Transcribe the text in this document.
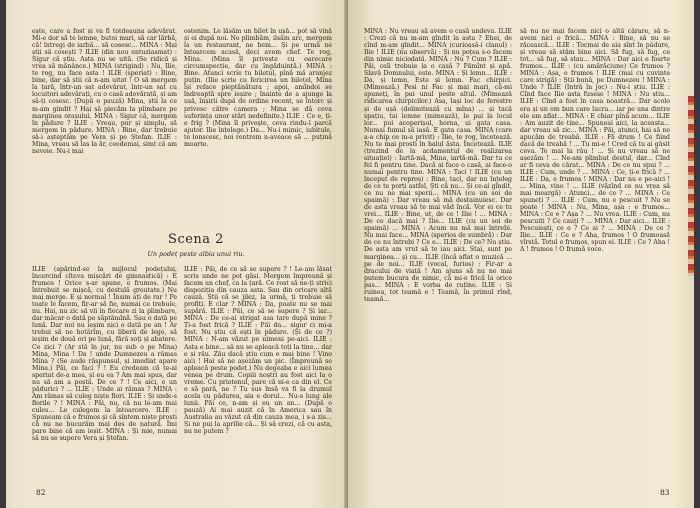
ește, care a fost și va fi totdeauna adevărat. Mi-e dor să te lemne, butoi mari, să car lărbă, că! întregi de iarbă... să cosesc... MINA : Mai știi să cosești ? ILIE (din nou entuziasmat) : Sigur că știu. Asta nu se uită. (Se ridică și vrea să mănânce.) MINA (strigind) : Nu, Ilie, te rog, nu face asta ! ILIE (speriat) : Bine, bine, dar să știi că n-am uitat ! O să mergem la țară, într-un sat adevărat, într-un sat cu locuitori adevărați, cu o casă adevărată, și am să-ți cosesc. (După o pauză) Mina, știi la ce m-am gindit ? Hai să plecăm la plimbare pe marginea orașului. MINA : Sigur că, mergem în pădure ? ILIE : Vreau, pur și simplu, să mergem în pădure. MINA : Bine, dar trebuie să-i așteptăm pe Vera și pe Ștefan. ILIE : Mina, vreau să las la ăr, ceedemai, simt că am nevoie. Nu-i mai

ostenim. Le lăsăm un bilet în ușă... pot să vină și ei după noi. Ne plimbăm, ilsăm arc, mergem la un restaurant, ne bem... Și pe urmă ne întoarcem acasă, deci avem chef. Te rog, Mina. (Mina îl privește cu oarecare circumspecție, dar cu îngăduință.) MINA : Bine. Atunci scrie tu biletul, pînă mă aranjez puțin. (Ilie scrie cu fericirea un bilețel, Mina își reface pieptănătura ; apoi, amîndoi se îndreaptă spre ieșire ; înainte de a ajunge la ușă, înșirii după de ordine recent, se întorc și privesc către camera ; Mina se dă ceva suferința unor stări nedefinite.) ILIE : Ce e, ți-e frig ? (Mina îl privește, ceva rindu-l parcă ajutor. Ilie înțelege.) Da... Nu-i mimic, iubitule, te lonscesc, noi rentrem n-aveace să ... puțină moarte.

Scena 2
Un podeț peste albia unui riu.

ILIE (apărind-se la mijlocul podețului, încercind cîteva mișcări de gimnastică) : E frumos ! Orice s-ar spune, e frumos. (Mai întrebuit se mișcă, cu destulă greutate.) Nu mai merge. E și normal ! Însim ați de rar ! Pe toate le facem, fir-ar să fie, numai ce trebuie, nu. Hai, nu zic să vii în fiecare zi la plimbare, dar măcar o dată pe săptămînă. Sau o dată pe lună. Dar noi nu ieșim nici o dată pe an ! Ar trebui să ne hotărîm, cu liberă de lege, să ieșim de două ori pe lună, fără soți și abatere. Ce zici ? (Ar stă în jur, nu sub o pe Mina) Mina, Mina ! Da ! unde Dumnezeu a rămas Mina ? (Se aude răspunsul, și imediat apare Mina.) Păi, ce faci ? ! Eu credeam că te-ai speriat de-a mea, și eu ea ? Am mai spus, dar nu să am a poștă. De ce ? ! Ce aici, e un pădurici ? ... ILIE : Unde ai rămas ? MINA : Am rămas să culeg niște flori. ILIE : Și unde-s florile ? ! MINA : Păi, nu, că nu le-am mai cules... Le culegem la întoarcere. ILIE : Spuneam că e frumos și că sîntem niște proști că nu ne bucurăm mai des de natură. Îmi pare bine că am ieșit. MINA : Și mie, numai să nu se supere Vera și Ștefan.

ILIE : Păi, de ce să se supere ? ! Le-am lăsat scris unde ne pot găsi. Mergem împreună și facem un chef, ca la țară. Ce rost să ne-ți strici dispoziția din cauza asta. Sau din oricare altă cauză. Știi că se jilez, la urmă, ți trebuie să profiți. E clar ? MINA : Da, poate nu se mai supără. ILIE : Păi, ce să se supere ? Și iar... MINA : De ce-ai strigat asa tare după mine ? Ți-a fost frică ? ILIE : Păi da... sigur ci mi-a fost. Nu știu că ești în pădure. (Și de ce ?) MINA : N-am văzut pe nimeni pe-aici. ILIE : Asta e bine... să nu se apleacă toți la tine... dar e și rău. Zău dacă știu cum e mai bine ! Vino aici ! Hai să ne așezăm un pic. (Împreună se apleacă peste podeț.) Nu degeaba e aici lumea venea pe drum. Copiii noștri au fost aici la o vreme. Cu prietenul, pare că ni-e ca din el. Ce o să pară, ne ? Tu sus însă va fi la drumul acela cu pădurea, aia e dorul... Nu-s lung ale lunii. Păi ce, n-am și eu un an... (După o pauză) Ai mai auzit că în America sau în Australia au văzut că din cauza mea, i s-a zis... Și ne pui la aprilie că... Și să crezi, că cu asta, nu ne putem ?

82

MINA : Nu vreau să avem o casă undeva. ILIE : Crezi că nu m-am gîndit la asta ? Ehei, de cînd m-am gîndit... MINA (curioasă-i clanul) : Ilie ! ILIE (nu observă) : Și nu poțea s-o facem din nimic niciodată. MINA : Nu ? Cum ? ILIE : Păi, ceîi trebuie la o casă ? Pămînt și apă. Slavă Domnului, este. MINA : Și lemn... ILIE : Da, și lemn, Este și lemn. Fac chirpici. (Mimează.) Pesi ni Fac și mai mari, că-mi spuneți, în pui unul peste altul. (Mimează ridicarea chirpicilor.) Asa, lași loc de ferestre și de ușă (delimitează cu mîna) ... și tacă spațiu, tai lemne (mimează), le pui la locul lor... pui acoperișul, horna, ui gata casa. Numai fumul să iasă. E gata casa. MINA (care a-a chip ce m-a privit) : Ilie, te rog, încetează. Nu te mai prosti în halul ăsta. Încetează. ILIE (trezind de la acdamentul de realizarea situației) : Iartă-mă, Mina, iartă-mă. Dar tu ce fel fi pentru tine. Dacă ai face o casă, ai face-o numai pentru tine. MINA : Taci ! ILIE (cu un început de reproș) : Bine, taci, dar nu înțeleg de ce te porți astfel, Ști că nu... Și ce-ai gîndit, ce nu ne mai sperii... MINA (cu un soi de spaimă) : Dar vreau să mă destainuiesc. Dar de asta vreau să te mai văd încă. Vor ei ce tu vrei... ILIE : Bine, ut, de ce ! Ilie ! ... MINA : De ce dacă mai ? Ilie... ILIE (cu un soi de spaimă) ... MINA : Acum nu mă mai întrebi. Nu mai face... MINA (sperios de sumbră) : Dar de ce nu întrebi ? Ce e... ILIE : De ce? Nu știu. De asta am vrut să te iau aici. Stai, sunt pe marginea... și cu... ILIE (încă aflat o muzică ... pe de noi... ILIE (vocal, furios) : Fir-ar a dracului de viață ! Am ajuns să nu ne mai putem bucura de nimic, că mi-e frică la orice pas... MINA : E vorba de ruține. ILIE : Și ruinea, tot teamă e ! Teamă, în primul rînd, teamă...

să nu ne mai facem nici o altă cărare, să n-avem nici o frică... MINA : Bine, să nu se răcească... ILIE : Tocmai de aia sînt în pădure, și vreau să stăm bine aici. Să fug, să fug, ce tot... să fug, să stau... MINA : Dar aici e foarte frumos... ILIE : (cu amărăciune) Ce frumos ? MINA : Așa, e frumos ! ILIE (mai cu cuvinte care strigă) : Știi bună, pe Dumnezeu ! MINA : Unde ? ILIE (Intră în joc) : Nu-i știu. ILIE : Cînd face Ilie asta fusese ! MINA : Nu știu... ILIE : Cînd a fost în casa noastră... Dar acolo era și un om bun care lucra... iar pe una dintre ele am aflat... MINA : E chiar pînă acum... ILIE : Am auzit de tine... Spuneai aici, la aceasta... dar vreau să zic... MINA : Păi, atunci, hai să ne apucăm de treabă. ILIE : Fă drum ! Ce fiind dacă de treabă ! ... Tu mi-e ! Cred că tu ai găsit ceva. Te mai la râu ! ... Și nu vreau să ne așezăm ! ... Ne-am plimbat destul, dar... Cînd ar fi ceva de cărat... MINA : De ce nu spui ? ... ILIE : Cum, unde ? ... MINA : Ce, ți-e frică ? ... ILIE : Da, e frumos ! MINA : Dar nu e pe-aici ! ... Mina, vino ! ... ILIE (văzînd ce nu vrea să mai meargă) : Atunci... de ce ? ... MINA : Ce spuneți ? ... ILIE : Cum, nu e pescuit ? Nu se poate ! MINA : Nu, Mina, așa : e frumos... MINA : Ce e ? Așa ? ... Nu vrea. ILIE : Cum, nu pescuiți ? Ce cauți ? ... MINA : Dar aici... ILIE : Pescuiești, ce e ? Ce ai ? ... MINA : De ce ? Ilie... ILIE : Ce e ? Aha, frumos ! O frumoasă vîrstă. Totul e frumos, spun ei. ILIE : Ce ? Aha ! A ! frumos ! O frumă voce.

83
